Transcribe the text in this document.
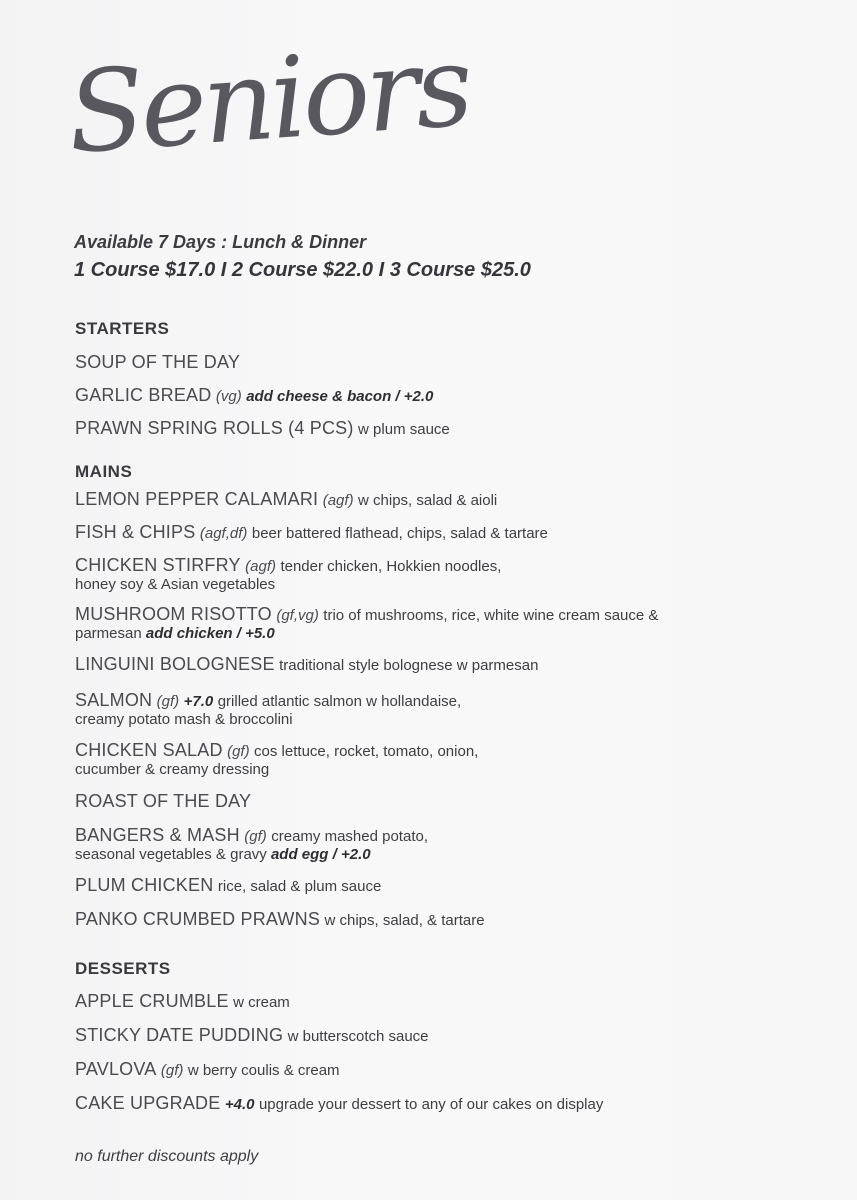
Seniors
Available 7 Days : Lunch & Dinner
1 Course $17.0 I 2 Course $22.0 I 3 Course $25.0
STARTERS
SOUP OF THE DAY
GARLIC BREAD (vg) add cheese & bacon / +2.0
PRAWN SPRING ROLLS (4 PCS) w plum sauce
MAINS
LEMON PEPPER CALAMARI (agf) w chips, salad & aioli
FISH & CHIPS (agf,df) beer battered flathead, chips, salad & tartare
CHICKEN STIRFRY (agf) tender chicken, Hokkien noodles,
honey soy & Asian vegetables
MUSHROOM RISOTTO (gf,vg) trio of mushrooms, rice, white wine cream sauce &
parmesan add chicken / +5.0
LINGUINI BOLOGNESE traditional style bolognese w parmesan
SALMON (gf) +7.0 grilled atlantic salmon w hollandaise,
creamy potato mash & broccolini
CHICKEN SALAD (gf) cos lettuce, rocket, tomato, onion,
cucumber & creamy dressing
ROAST OF THE DAY
BANGERS & MASH (gf) creamy mashed potato,
seasonal vegetables & gravy add egg / +2.0
PLUM CHICKEN rice, salad & plum sauce
PANKO CRUMBED PRAWNS w chips, salad, & tartare
DESSERTS
APPLE CRUMBLE w cream
STICKY DATE PUDDING w butterscotch sauce
PAVLOVA (gf) w berry coulis & cream
CAKE UPGRADE +4.0 upgrade your dessert to any of our cakes on display
no further discounts apply
